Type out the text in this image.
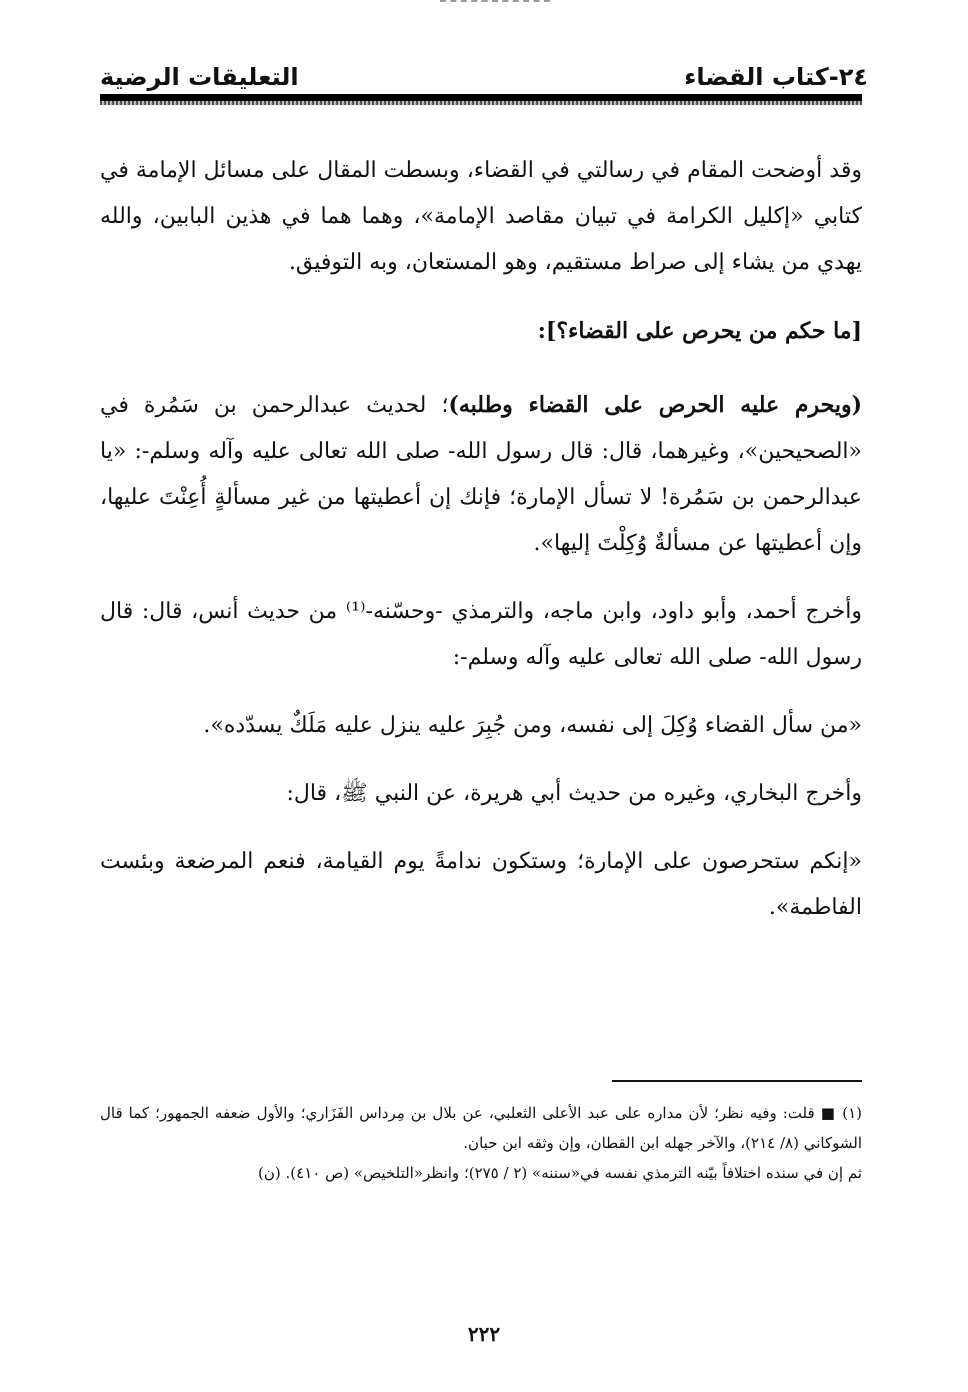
٢٤-كتاب القضاء
التعليقات الرضية

وقد أوضحت المقام في رسالتي في القضاء، وبسطت المقال على مسائل الإمامة في كتابي «إكليل الكرامة في تبيان مقاصد الإمامة»، وهما هما في هذين البابين، والله يهدي من يشاء إلى صراط مستقيم، وهو المستعان، وبه التوفيق.

[ما حكم من يحرص على القضاء؟]:

(ويحرم عليه الحرص على القضاء وطلبه)؛ لحديث عبدالرحمن بن سَمُرة في «الصحيحين»، وغيرهما، قال: قال رسول الله- صلى الله تعالى عليه وآله وسلم-: «يا عبدالرحمن بن سَمُرة! لا تسأل الإمارة؛ فإنك إن أعطيتها من غير مسألةٍ أُعِنْتَ عليها، وإن أعطيتها عن مسألةٌ وُكِلْتَ إليها».

وأخرج أحمد، وأبو داود، وابن ماجه، والترمذي -وحسّنه-⁽¹⁾ من حديث أنس، قال: قال رسول الله- صلى الله تعالى عليه وآله وسلم-:

«من سأل القضاء وُكِلَ إلى نفسه، ومن جُبِرَ عليه ينزل عليه مَلَكٌ يسدّده».

وأخرج البخاري، وغيره من حديث أبي هريرة، عن النبي ﷺ، قال:

«إنكم ستحرصون على الإمارة؛ وستكون ندامةً يوم القيامة، فنعم المرضعة وبئست الفاطمة».

(١) ■ قلت: وفيه نظر؛ لأن مداره على عبد الأعلى الثعلبي، عن بلال بن مِرداس الفَزَاري؛ والأول ضعفه الجمهور؛ كما قال الشوكاني (٨/ ٢١٤)، والآخر جهله ابن القطان، وإن وثقه ابن حبان.

ثم إن في سنده اختلافاً بيّنه الترمذي نفسه في«سننه» (٢ / ٢٧٥)؛ وانظر«التلخيص» (ص ٤١٠). (ن)

٢٢٢
